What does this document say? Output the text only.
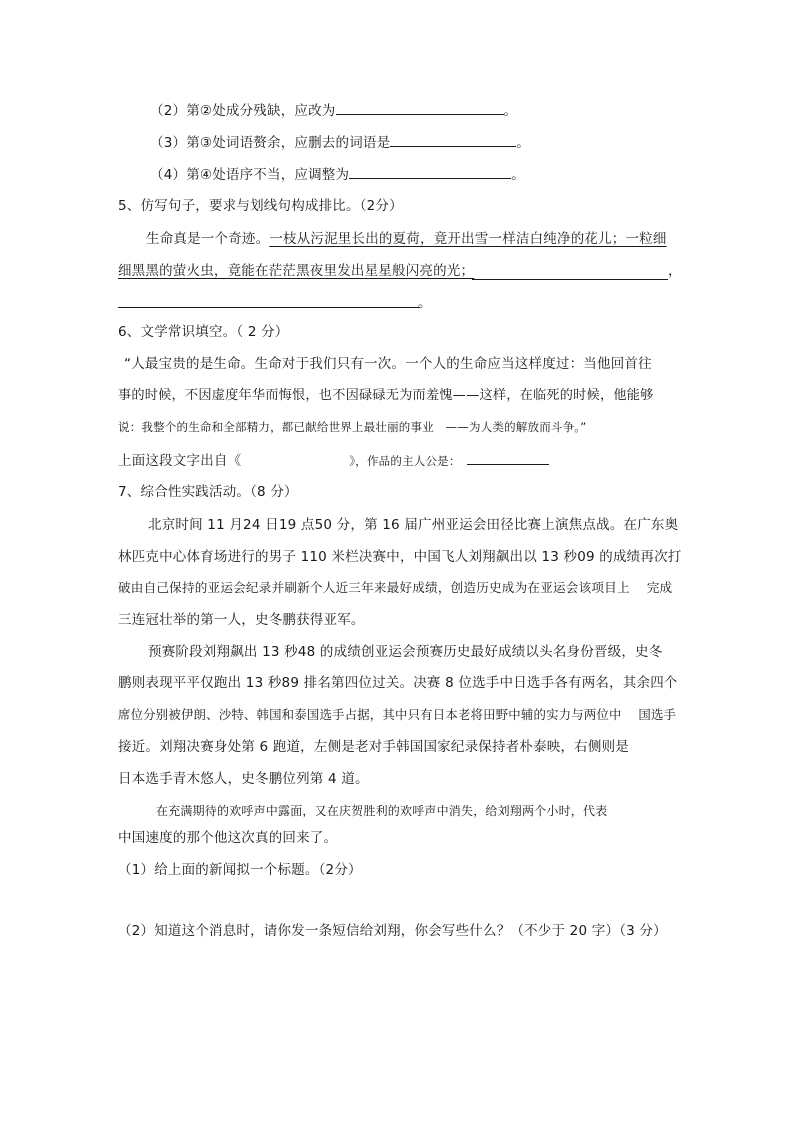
（2）第②处成分残缺，应改为	。
（3）第③处词语赘余，应删去的词语是	。
（4）第④处语序不当，应调整为	。
5、仿写句子，要求与划线句构成排比。（2分）
生命真是一个奇迹。一枝从污泥里长出的夏荷，竟开出雪一样洁白纯净的花儿；一粒细
细黑黑的萤火虫，竟能在茫茫黑夜里发出星星般闪亮的光；	，
。
6、文学常识填空。（ 2 分）
“人最宝贵的是生命。生命对于我们只有一次。一个人的生命应当这样度过：当他回首往
事的时候，不因虚度年华而悔恨，也不因碌碌无为而羞愧——这样，在临死的时候，他能够
说：我整个的生命和全部精力，都已献给世界上最壮丽的事业　——为人类的解放而斗争。”
上面这段文字出自《	》，作品的主人公是：
7、综合性实践活动。（8 分）
北京时间 11 月24 日19 点50 分，第 16 届广州亚运会田径比赛上演焦点战。在广东奥
林匹克中心体育场进行的男子 110 米栏决赛中，中国飞人刘翔飙出以 13 秒09 的成绩再次打
破由自己保持的亚运会纪录并刷新个人近三年来最好成绩，创造历史成为在亚运会该项目上　 完成
三连冠壮举的第一人，史冬鹏获得亚军。
预赛阶段刘翔飙出 13 秒48 的成绩创亚运会预赛历史最好成绩以头名身份晋级，史冬
鹏则表现平平仅跑出 13 秒89 排名第四位过关。决赛 8 位选手中日选手各有两名，其余四个
席位分别被伊朗、沙特、韩国和泰国选手占据，其中只有日本老将田野中辅的实力与两位中　 国选手
接近。刘翔决赛身处第 6 跑道，左侧是老对手韩国国家纪录保持者朴泰映，右侧则是
日本选手青木悠人，史冬鹏位列第 4 道。
在充满期待的欢呼声中露面，又在庆贺胜利的欢呼声中消失，给刘翔两个小时，代表
中国速度的那个他这次真的回来了。
（1）给上面的新闻拟一个标题。（2分）
（2）知道这个消息时，请你发一条短信给刘翔，你会写些什么？（不少于 20 字）（3 分）
